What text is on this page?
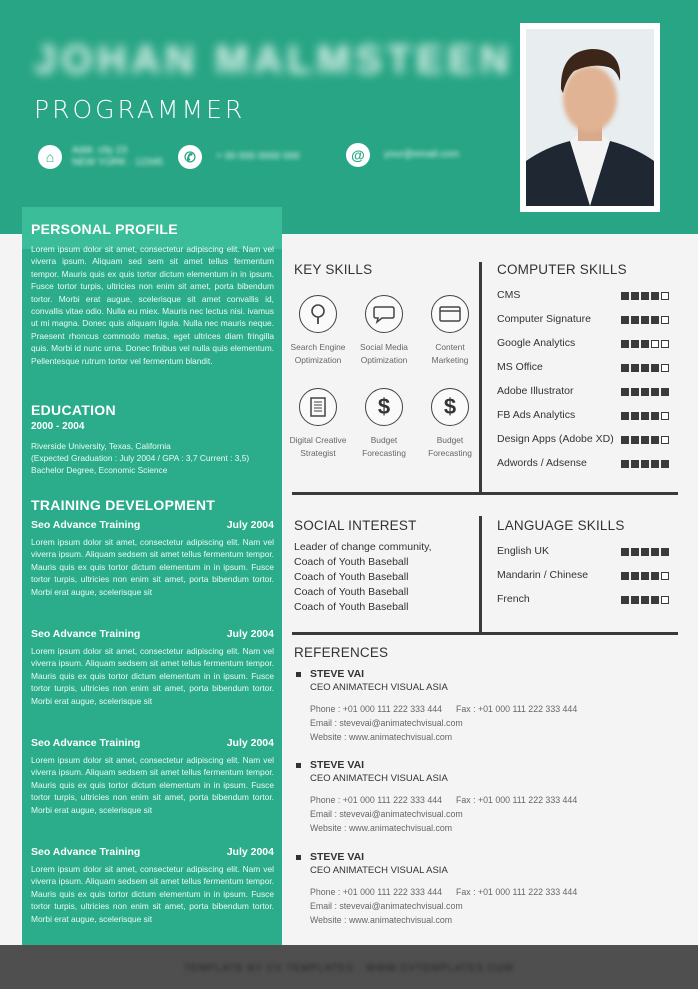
JOHAN MALMSTEEN
PROGRAMMER
⌂	Addr. city 23
NEW YORK · 12345	✆	+ 00 000 0000 000	@	your@email.com
PERSONAL PROFILE
Lorem ipsum dolor sit amet, consectetur adipiscing elit. Nam vel viverra ipsum. Aliquam sed sem sit amet tellus fermentum tempor. Mauris quis ex quis tortor dictum elementum in in ipsum. Fusce tortor turpis, ultricies non enim sit amet, porta bibendum tortor. Morbi erat augue, scelerisque sit amet convallis id, convallis vitae odio. Nulla eu miex. Mauris nec lectus nisi. ivamus ut mi magna. Donec quis aliquam ligula. Nulla nec mauris neque. Praesent rhoncus commodo metus, eget ultrices diam fringilla quis. Morbi id nunc urna. Donec finibus vel nulla quis elementum. Pellentesque rutrum tortor vel fermentum blandit.
EDUCATION
2000 - 2004
Riverside University, Texas, California
(Expected Graduation : July 2004 / GPA : 3,7 Current : 3,5)
Bachelor Degree, Economic Science
TRAINING DEVELOPMENT
Seo Advance Training	July 2004
Lorem ipsum dolor sit amet, consectetur adipiscing elit. Nam vel viverra ipsum. Aliquam sedsem sit amet tellus fermentum tempor. Mauris quis ex quis tortor dictum elementum in in ipsum. Fusce tortor turpis, ultricies non enim sit amet, porta bibendum tortor. Morbi erat augue, scelerisque sit
Seo Advance Training	July 2004
Lorem ipsum dolor sit amet, consectetur adipiscing elit. Nam vel viverra ipsum. Aliquam sedsem sit amet tellus fermentum tempor. Mauris quis ex quis tortor dictum elementum in in ipsum. Fusce tortor turpis, ultricies non enim sit amet, porta bibendum tortor. Morbi erat augue, scelerisque sit
Seo Advance Training	July 2004
Lorem ipsum dolor sit amet, consectetur adipiscing elit. Nam vel viverra ipsum. Aliquam sedsem sit amet tellus fermentum tempor. Mauris quis ex quis tortor dictum elementum in in ipsum. Fusce tortor turpis, ultricies non enim sit amet, porta bibendum tortor. Morbi erat augue, scelerisque sit
Seo Advance Training	July 2004
Lorem ipsum dolor sit amet, consectetur adipiscing elit. Nam vel viverra ipsum. Aliquam sedsem sit amet tellus fermentum tempor. Mauris quis ex quis tortor dictum elementum in in ipsum. Fusce tortor turpis, ultricies non enim sit amet, porta bibendum tortor. Morbi erat augue, scelerisque sit
KEY SKILLS
Search Engine Optimization
Social Media Optimization
Content Marketing
Digital Creative Strategist
$
Budget Forecasting
$
Budget Forecasting
COMPUTER SKILLS
CMS
Computer Signature
Google Analytics
MS Office
Adobe Illustrator
FB Ads Analytics
Design Apps (Adobe XD)
Adwords / Adsense
SOCIAL INTEREST
Leader of change community,
Coach of Youth Baseball
Coach of Youth Baseball
Coach of Youth Baseball
Coach of Youth Baseball
LANGUAGE SKILLS
English UK
Mandarin / Chinese
French
REFERENCES
STEVE VAI
CEO ANIMATECH VISUAL ASIA
Phone : +01 000 111 222 333 444 Fax : +01 000 111 222 333 444
Email : stevevai@animatechvisual.com
Website : www.animatechvisual.com
STEVE VAI
CEO ANIMATECH VISUAL ASIA
Phone : +01 000 111 222 333 444 Fax : +01 000 111 222 333 444
Email : stevevai@animatechvisual.com
Website : www.animatechvisual.com
STEVE VAI
CEO ANIMATECH VISUAL ASIA
Phone : +01 000 111 222 333 444 Fax : +01 000 111 222 333 444
Email : stevevai@animatechvisual.com
Website : www.animatechvisual.com
TEMPLATE BY CV TEMPLATES · WWW.CVTEMPLATES.COM
